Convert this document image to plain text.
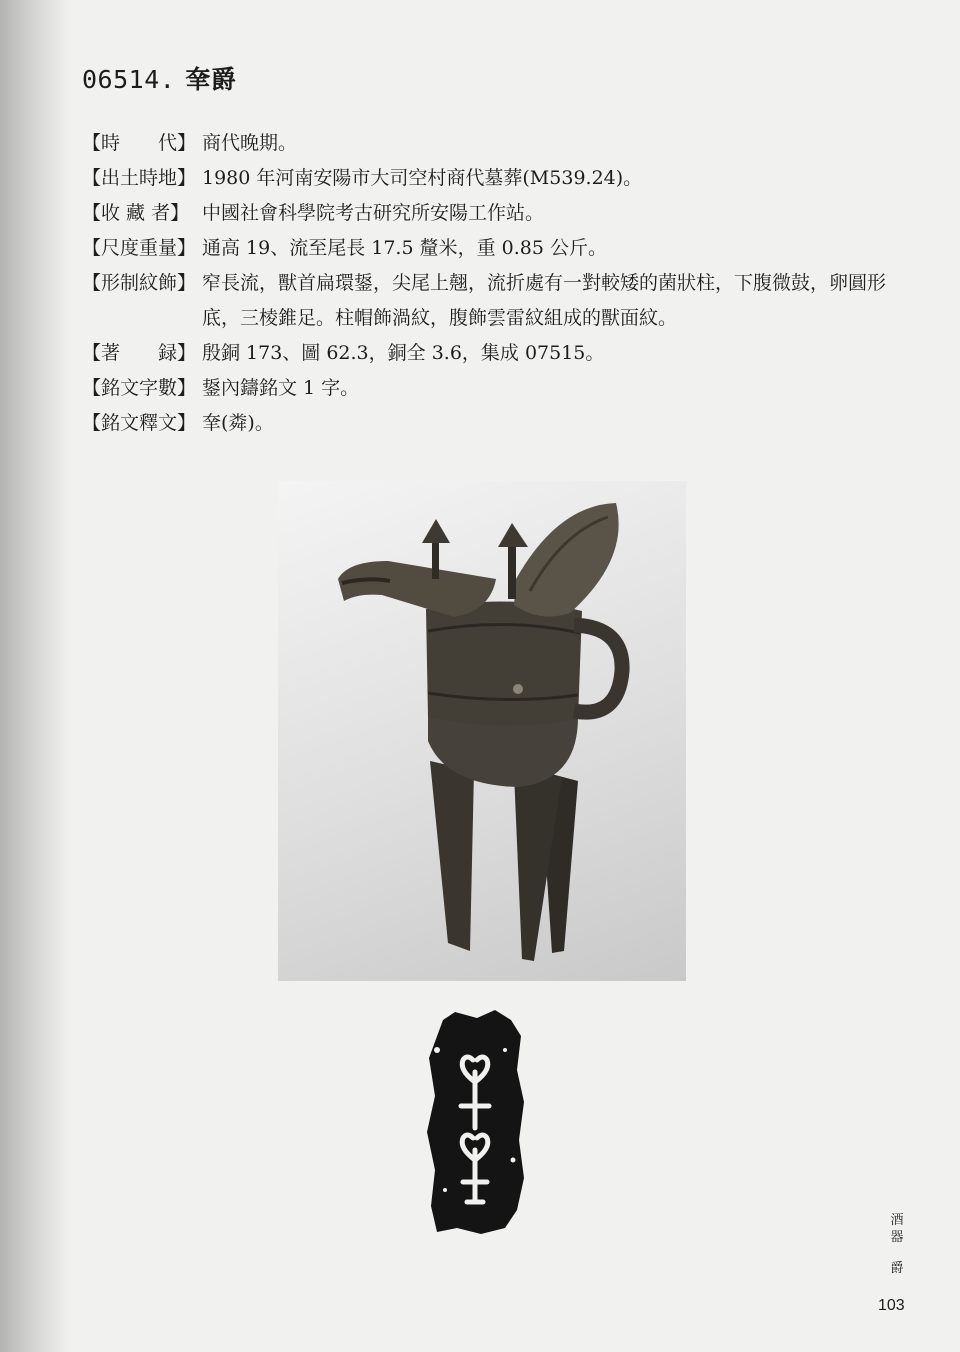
06514. 羍爵
【時　　代】 商代晚期。
【出土時地】 1980 年河南安陽市大司空村商代墓葬(M539.24)。
【收 藏 者】 中國社會科學院考古研究所安陽工作站。
【尺度重量】 通高 19、流至尾長 17.5 釐米，重 0.85 公斤。
【形制紋飾】 窄長流，獸首扁環鋬，尖尾上翹，流折處有一對較矮的菌狀柱，下腹微鼓，卵圓形底，三棱錐足。柱帽飾渦紋，腹飾雲雷紋組成的獸面紋。
【著　　録】 殷銅 173、圖 62.3，銅全 3.6，集成 07515。
【銘文字數】 鋬內鑄銘文 1 字。
【銘文釋文】 羍(粦)。
酒
器
爵
103
